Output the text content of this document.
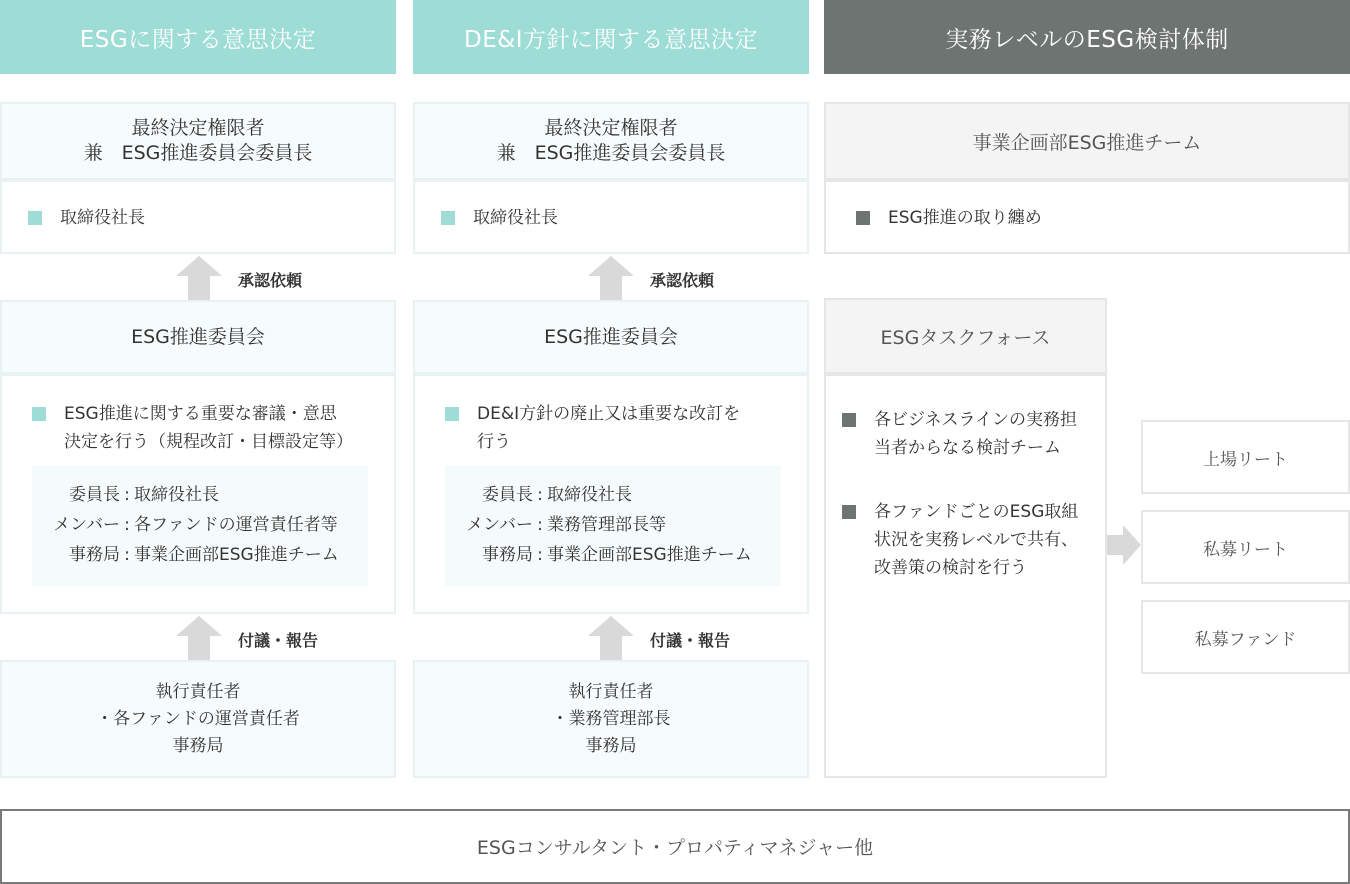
ESGに関する意思決定
最終決定権限者
兼　ESG推進委員会委員長
取締役社長
承認依頼
ESG推進委員会
ESG推進に関する重要な審議・意思
決定を行う（規程改訂・目標設定等）
委員長 : 取締役社長
メンバー : 各ファンドの運営責任者等
事務局 : 事業企画部ESG推進チーム
付議・報告
執行責任者
・各ファンドの運営責任者
事務局
DE&I方針に関する意思決定
最終決定権限者
兼　ESG推進委員会委員長
取締役社長
承認依頼
ESG推進委員会
DE&I方針の廃止又は重要な改訂を
行う
委員長 : 取締役社長
メンバー : 業務管理部長等
事務局 : 事業企画部ESG推進チーム
付議・報告
執行責任者
・業務管理部長
事務局
実務レベルのESG検討体制
事業企画部ESG推進チーム
ESG推進の取り纏め
ESGタスクフォース
各ビジネスラインの実務担
当者からなる検討チーム
各ファンドごとのESG取組
状況を実務レベルで共有、
改善策の検討を行う
上場リート
私募リート
私募ファンド
ESGコンサルタント・プロパティマネジャー他
